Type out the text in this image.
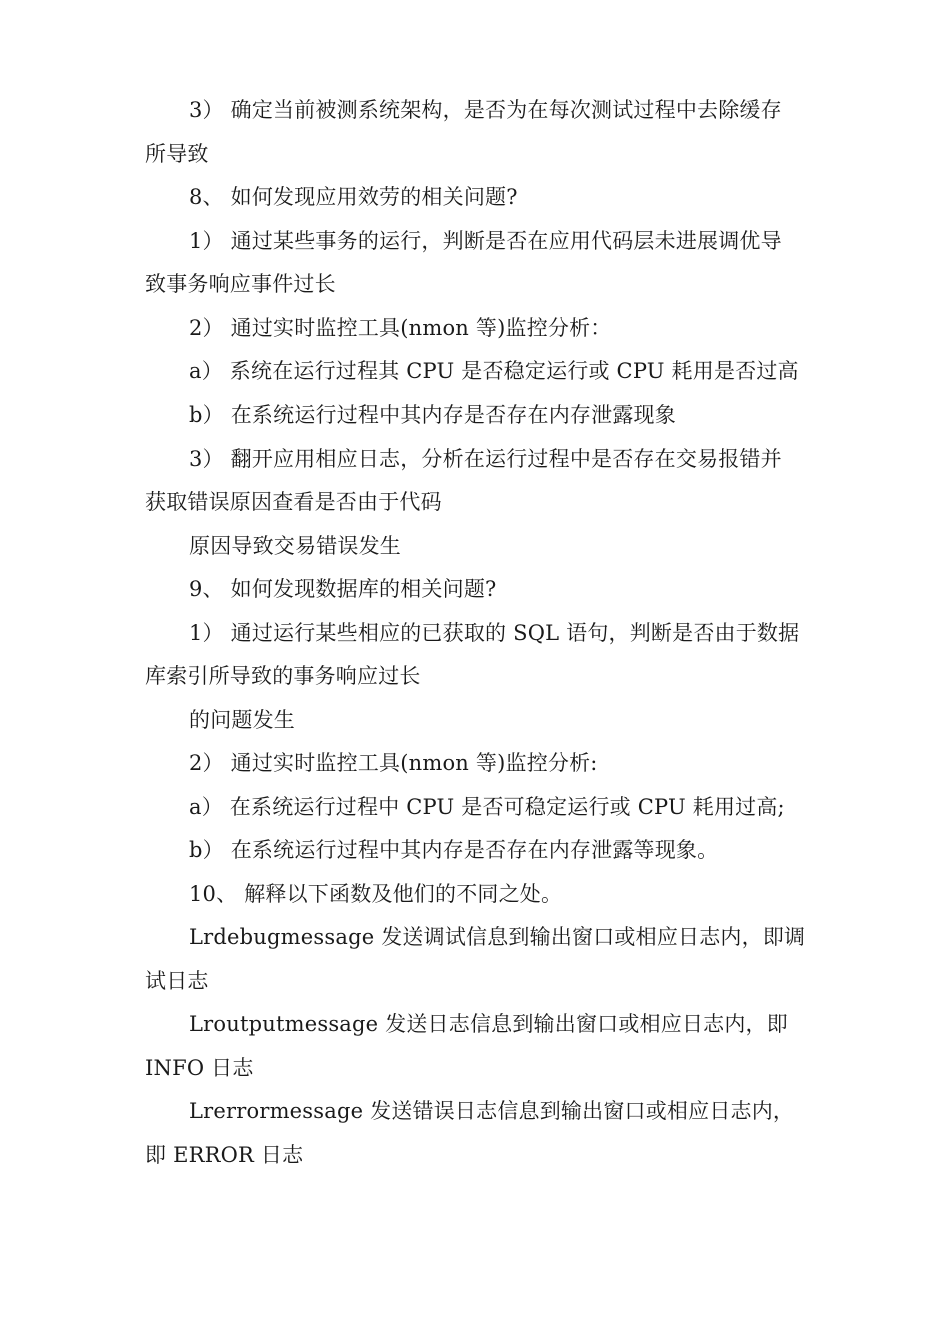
3） 确定当前被测系统架构，是否为在每次测试过程中去除缓存
所导致
8、 如何发现应用效劳的相关问题?
1） 通过某些事务的运行，判断是否在应用代码层未进展调优导
致事务响应事件过长
2） 通过实时监控工具(nmon 等)监控分析：
a） 系统在运行过程其 CPU 是否稳定运行或 CPU 耗用是否过高
b） 在系统运行过程中其内存是否存在内存泄露现象
3） 翻开应用相应日志，分析在运行过程中是否存在交易报错并
获取错误原因查看是否由于代码
原因导致交易错误发生
9、 如何发现数据库的相关问题?
1） 通过运行某些相应的已获取的 SQL 语句，判断是否由于数据
库索引所导致的事务响应过长
的问题发生
2） 通过实时监控工具(nmon 等)监控分析:
a） 在系统运行过程中 CPU 是否可稳定运行或 CPU 耗用过高;
b） 在系统运行过程中其内存是否存在内存泄露等现象。
10、 解释以下函数及他们的不同之处。
Lrdebugmessage 发送调试信息到输出窗口或相应日志内，即调
试日志
Lroutputmessage 发送日志信息到输出窗口或相应日志内，即
INFO 日志
Lrerrormessage 发送错误日志信息到输出窗口或相应日志内，
即 ERROR 日志
